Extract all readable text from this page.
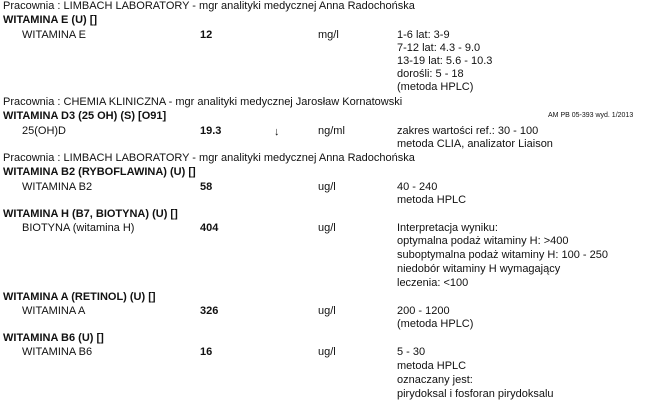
Pracownia : LIMBACH LABORATORY - mgr analityki medycznej Anna Radochońska
WITAMINA E (U) []
WITAMINA E	12	mg/l	1-6 lat: 3-9
7-12 lat: 4.3 - 9.0
13-19 lat: 5.6 - 10.3
dorośli: 5 - 18
(metoda HPLC)
Pracownia : CHEMIA KLINICZNA - mgr analityki medycznej Jarosław Kornatowski
AM PB 05-393 wyd. 1/2013
WITAMINA D3 (25 OH) (S) [O91]
25(OH)D	19.3	↓	ng/ml	zakres wartości ref.: 30 - 100
metoda CLIA, analizator Liaison
Pracownia : LIMBACH LABORATORY - mgr analityki medycznej Anna Radochońska
WITAMINA B2 (RYBOFLAWINA) (U) []
WITAMINA B2	58	ug/l	40 - 240
metoda HPLC
WITAMINA H (B7, BIOTYNA) (U) []
BIOTYNA (witamina H)	404	ug/l	Interpretacja wyniku:
optymalna podaż witaminy H: >400
suboptymalna podaż witaminy H: 100 - 250
niedobór witaminy H wymagający
leczenia: <100
WITAMINA A (RETINOL) (U) []
WITAMINA A	326	ug/l	200 - 1200
(metoda HPLC)
WITAMINA B6 (U) []
WITAMINA B6	16	ug/l	5 - 30
metoda HPLC
oznaczany jest:
pirydoksal i fosforan pirydoksalu
